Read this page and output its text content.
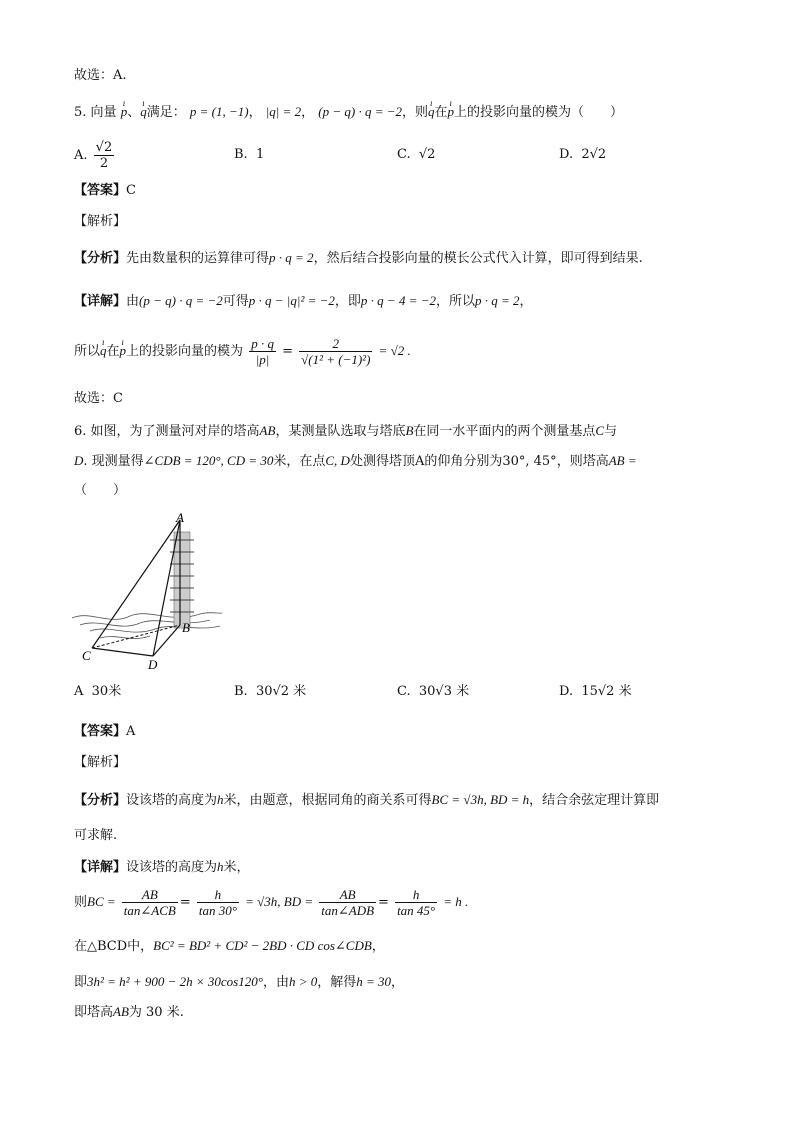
故选：A.
5. 向量 ı p、ı q满足： p = (1, −1)， |q| = 2， (p − q) · q = −2，则ı q在ı p上的投影向量的模为（　　）
A. $\frac{√2}{2}$	B. 1	C. √2	D. 2√2
【答案】C
【解析】
【分析】先由数量积的运算律可得p · q = 2，然后结合投影向量的模长公式代入计算，即可得到结果.
【详解】由(p − q) · q = −2可得p · q − |q|² = −2，即p · q − 4 = −2，所以p · q = 2，
所以ı q在ı p上的投影向量的模为 $\frac{p \cdot q}{|p|} = \frac{2}{\text{√(1² + (−1)²)}} = √2$ .
故选：C
6. 如图，为了测量河对岸的塔高AB，某测量队选取与塔底B在同一水平面内的两个测量基点C与
D. 现测量得∠CDB = 120°, CD = 30米，在点C, D处测得塔顶A的仰角分别为30°, 45°，则塔高AB =
（　　）
A
B
C
D
A 30米	B. 30√2 米	C. 30√3 米	D. 15√2 米
【答案】A
【解析】
【分析】设该塔的高度为h米，由题意，根据同角的商关系可得BC = √3h, BD = h，结合余弦定理计算即
可求解.
【详解】设该塔的高度为h米，
则BC = $\frac{AB}{\text{tan∠ACB}} = \frac{h}{\tan 30^\circ} = √3h$, BD = $\frac{AB}{\text{tan∠ADB}} = \frac{h}{\tan 45^\circ} = h$ .
在△BCD中，BC² = BD² + CD² − 2BD · CD cos∠CDB，
即3h² = h² + 900 − 2h × 30cos120°，由h > 0，解得h = 30，
即塔高AB为 30 米.
